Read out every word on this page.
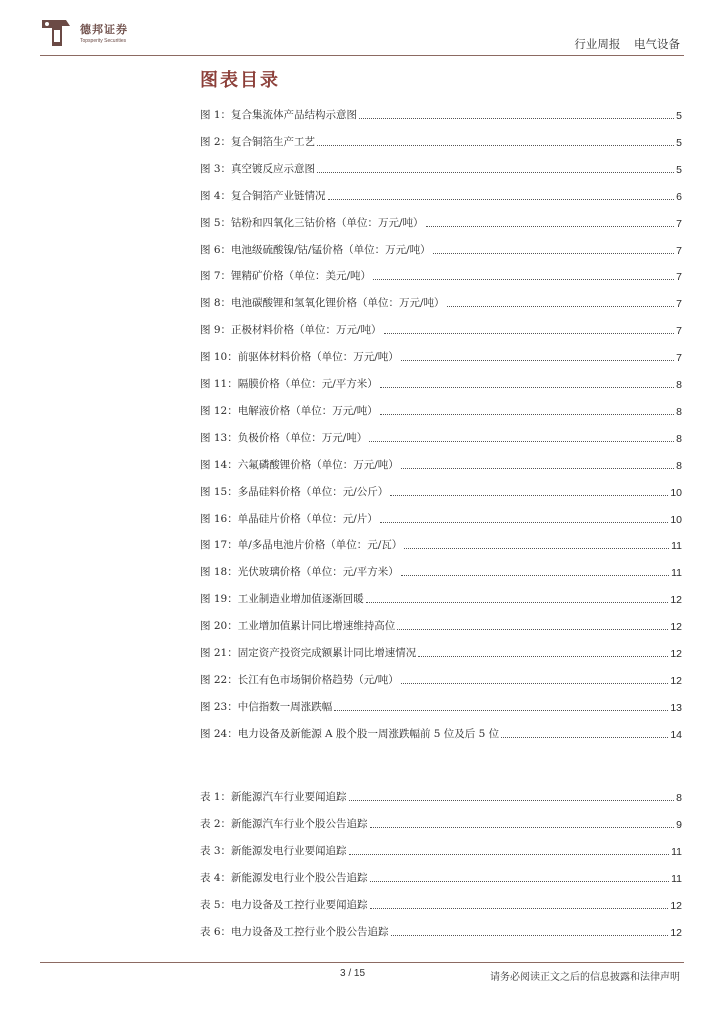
德邦证券
Topsperity Securities	行业周报 电气设备
图表目录
图 1：复合集流体产品结构示意图	5
图 2：复合铜箔生产工艺	5
图 3：真空镀反应示意图	5
图 4：复合铜箔产业链情况	6
图 5：钴粉和四氧化三钴价格（单位：万元/吨）	7
图 6：电池级硫酸镍/钴/锰价格（单位：万元/吨）	7
图 7：锂精矿价格（单位：美元/吨）	7
图 8：电池碳酸锂和氢氧化锂价格（单位：万元/吨）	7
图 9：正极材料价格（单位：万元/吨）	7
图 10：前驱体材料价格（单位：万元/吨）	7
图 11：隔膜价格（单位：元/平方米）	8
图 12：电解液价格（单位：万元/吨）	8
图 13：负极价格（单位：万元/吨）	8
图 14：六氟磷酸锂价格（单位：万元/吨）	8
图 15：多晶硅料价格（单位：元/公斤）	10
图 16：单晶硅片价格（单位：元/片）	10
图 17：单/多晶电池片价格（单位：元/瓦）	11
图 18：光伏玻璃价格（单位：元/平方米）	11
图 19：工业制造业增加值逐渐回暖	12
图 20：工业增加值累计同比增速维持高位	12
图 21：固定资产投资完成额累计同比增速情况	12
图 22：长江有色市场铜价格趋势（元/吨）	12
图 23：中信指数一周涨跌幅	13
图 24：电力设备及新能源 A 股个股一周涨跌幅前 5 位及后 5 位	14
表 1：新能源汽车行业要闻追踪	8
表 2：新能源汽车行业个股公告追踪	9
表 3：新能源发电行业要闻追踪	11
表 4：新能源发电行业个股公告追踪	11
表 5：电力设备及工控行业要闻追踪	12
表 6：电力设备及工控行业个股公告追踪	12
3 / 15	请务必阅读正文之后的信息披露和法律声明
